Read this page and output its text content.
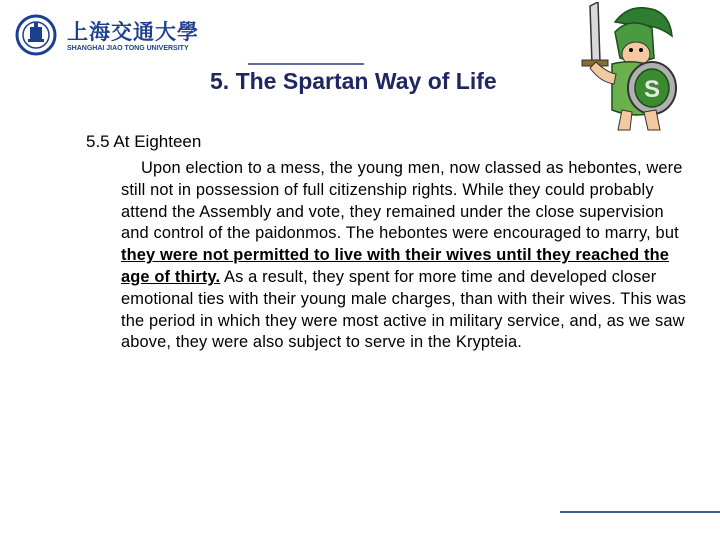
上海交通大學
SHANGHAI JIAO TONG UNIVERSITY
5. The Spartan Way of Life	S
5.5 At Eighteen

Upon election to a mess, the young men, now classed as hebontes, were still not in possession of full citizenship rights. While they could probably attend the Assembly and vote, they remained under the close supervision and control of the paidonmos. The hebontes were encouraged to marry, but they were not permitted to live with their wives until they reached the age of thirty. As a result, they spent for more time and developed closer emotional ties with their young male charges, than with their wives. This was the period in which they were most active in military service, and, as we saw above, they were also subject to serve in the Krypteia.
